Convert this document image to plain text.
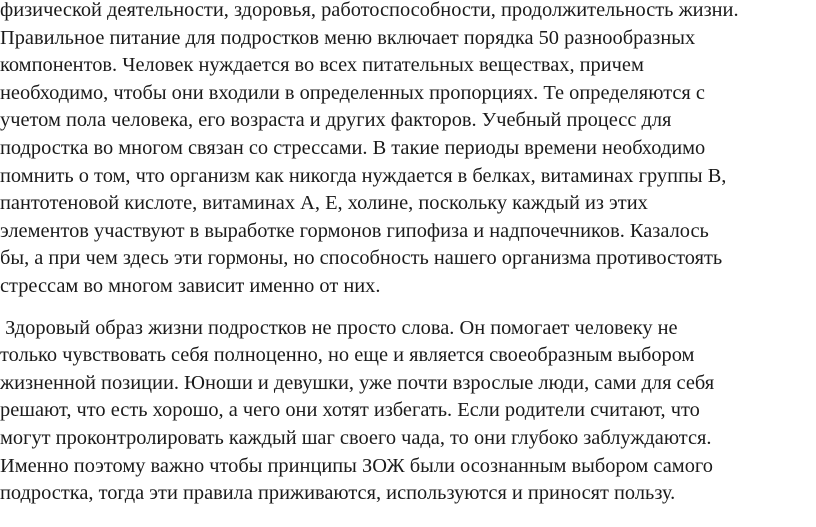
физической деятельности, здоровья, работоспособности, продолжительность жизни.
Правильное питание для подростков меню включает порядка 50 разнообразных
компонентов. Человек нуждается во всех питательных веществах, причем
необходимо, чтобы они входили в определенных пропорциях. Те определяются с
учетом пола человека, его возраста и других факторов. Учебный процесс для
подростка во многом связан со стрессами. В такие периоды времени необходимо
помнить о том, что организм как никогда нуждается в белках, витаминах группы В,
пантотеновой кислоте, витаминах А, Е, холине, поскольку каждый из этих
элементов участвуют в выработке гормонов гипофиза и надпочечников. Казалось
бы, а при чем здесь эти гормоны, но способность нашего организма противостоять
стрессам во многом зависит именно от них.

Здоровый образ жизни подростков не просто слова. Он помогает человеку не
только чувствовать себя полноценно, но еще и является своеобразным выбором
жизненной позиции. Юноши и девушки, уже почти взрослые люди, сами для себя
решают, что есть хорошо, а чего они хотят избегать. Если родители считают, что
могут проконтролировать каждый шаг своего чада, то они глубоко заблуждаются.
Именно поэтому важно чтобы принципы ЗОЖ были осознанным выбором самого
подростка, тогда эти правила приживаются, используются и приносят пользу.
